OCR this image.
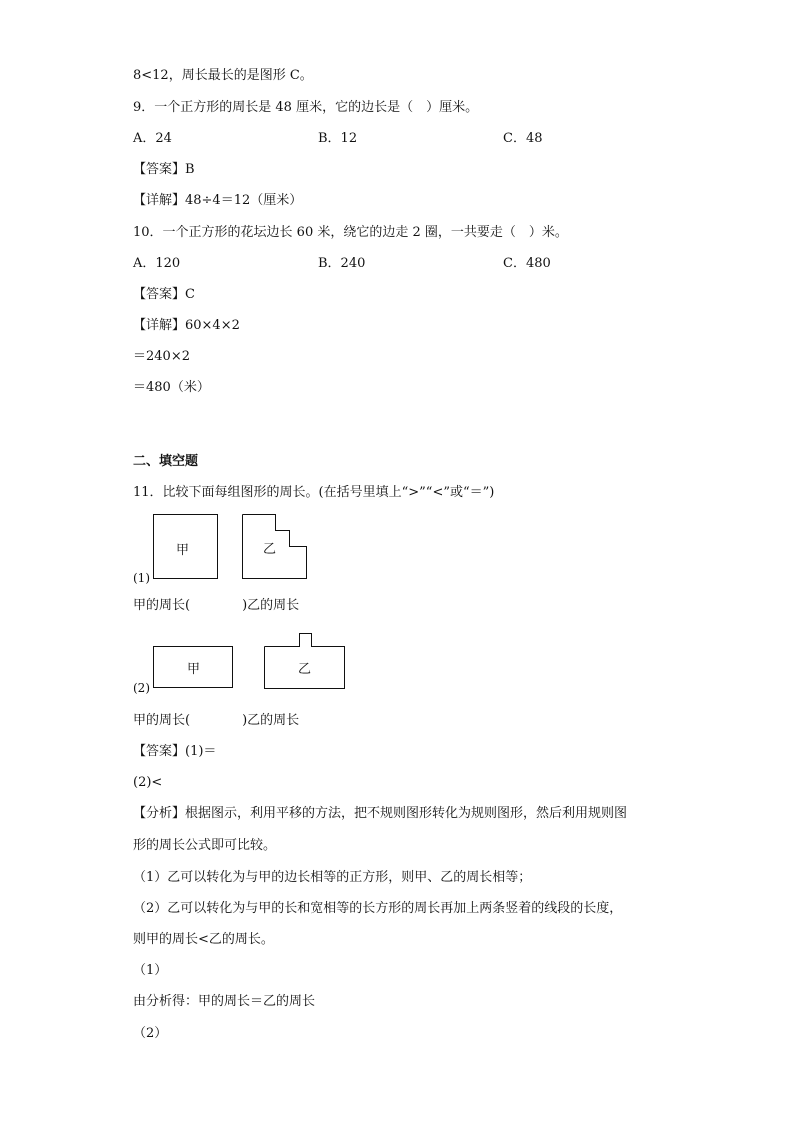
8<12，周长最长的是图形 C。
9．一个正方形的周长是 48 厘米，它的边长是（　）厘米。
A．24	B．12	C．48
【答案】B
【详解】48÷4＝12（厘米）
10．一个正方形的花坛边长 60 米，绕它的边走 2 圈，一共要走（　）米。
A．120	B．240	C．480
【答案】C
【详解】60×4×2
＝240×2
＝480（米）
二、填空题
11．比较下面每组图形的周长。(在括号里填上“>”“<”或“＝”)
甲	乙
(1)
甲的周长(　　　　)乙的周长
甲	乙
(2)
甲的周长(　　　　)乙的周长
【答案】(1)＝
(2)<
【分析】根据图示，利用平移的方法，把不规则图形转化为规则图形，然后利用规则图
形的周长公式即可比较。
（1）乙可以转化为与甲的边长相等的正方形，则甲、乙的周长相等；
（2）乙可以转化为与甲的长和宽相等的长方形的周长再加上两条竖着的线段的长度，
则甲的周长<乙的周长。
（1）
由分析得：甲的周长＝乙的周长
（2）
